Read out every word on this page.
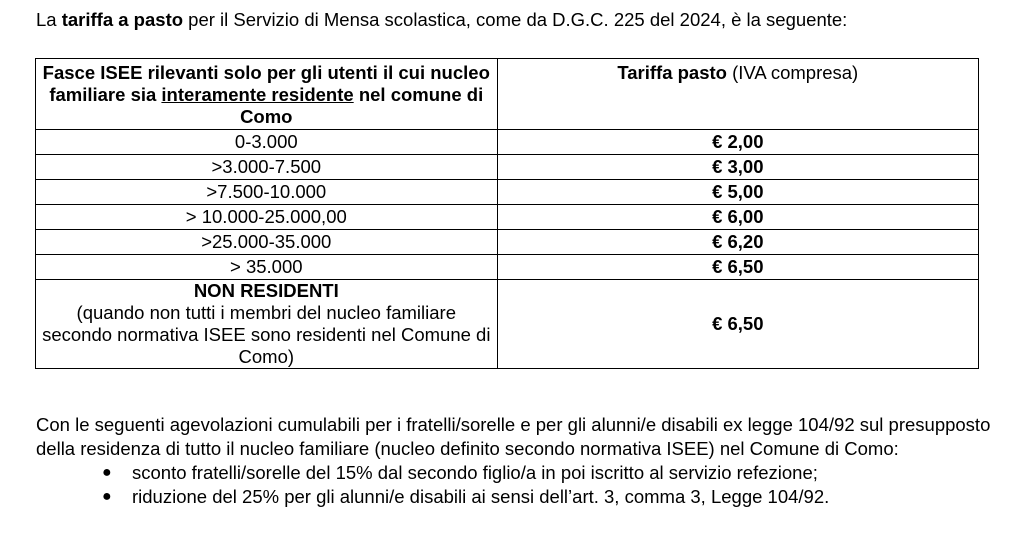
La tariffa a pasto per il Servizio di Mensa scolastica, come da D.G.C. 225 del 2024, è la seguente:
Fasce ISEE rilevanti solo per gli utenti il cui nucleo familiare sia interamente residente nel comune di Como	Tariffa pasto (IVA compresa)
0-3.000	€ 2,00
>3.000-7.500	€ 3,00
>7.500-10.000	€ 5,00
> 10.000-25.000,00	€ 6,00
>25.000-35.000	€ 6,20
> 35.000	€ 6,50

NON RESIDENTI
(quando non tutti i membri del nucleo familiare secondo normativa ISEE sono residenti nel Comune di Como)	€ 6,50

Con le seguenti agevolazioni cumulabili per i fratelli/sorelle e per gli alunni/e disabili ex legge 104/92 sul presupposto della residenza di tutto il nucleo familiare (nucleo definito secondo normativa ISEE) nel Comune di Como:

● sconto fratelli/sorelle del 15% dal secondo figlio/a in poi iscritto al servizio refezione;
● riduzione del 25% per gli alunni/e disabili ai sensi dell’art. 3, comma 3, Legge 104/92.
